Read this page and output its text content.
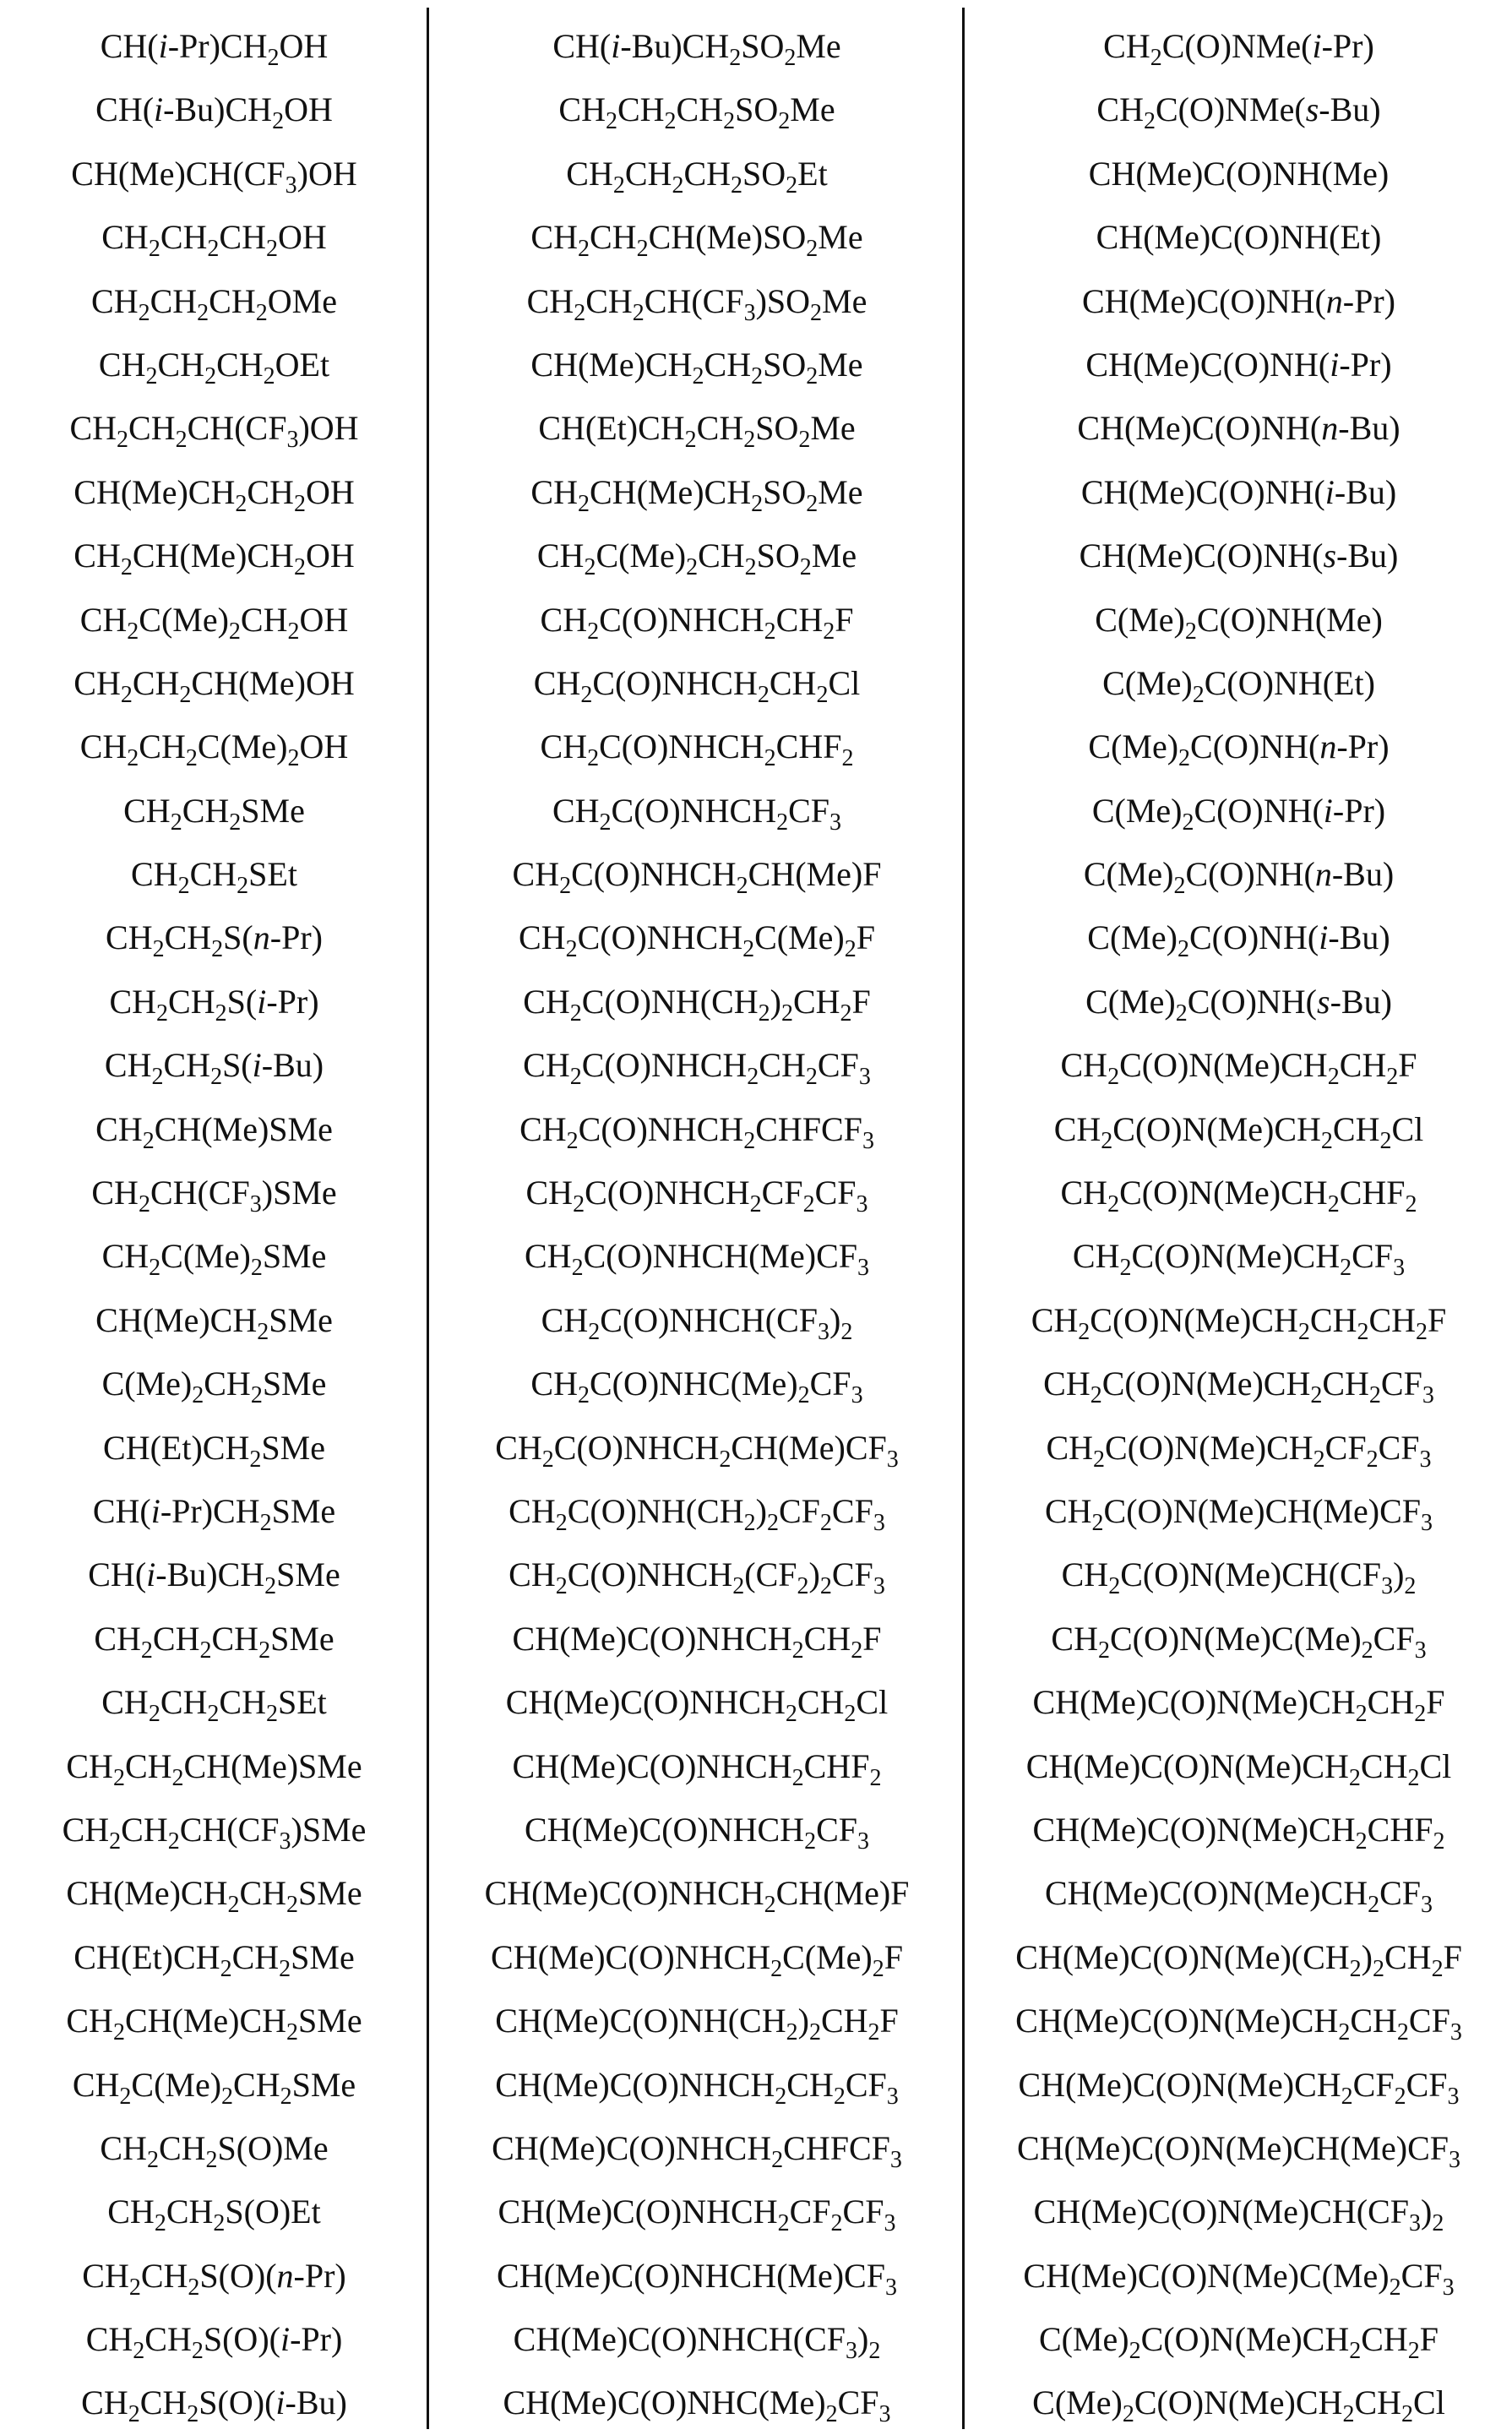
CH(i-Pr)CH2OH
CH(i-Bu)CH2OH
CH(Me)CH(CF3)OH
CH2CH2CH2OH
CH2CH2CH2OMe
CH2CH2CH2OEt
CH2CH2CH(CF3)OH
CH(Me)CH2CH2OH
CH2CH(Me)CH2OH
CH2C(Me)2CH2OH
CH2CH2CH(Me)OH
CH2CH2C(Me)2OH
CH2CH2SMe
CH2CH2SEt
CH2CH2S(n-Pr)
CH2CH2S(i-Pr)
CH2CH2S(i-Bu)
CH2CH(Me)SMe
CH2CH(CF3)SMe
CH2C(Me)2SMe
CH(Me)CH2SMe
C(Me)2CH2SMe
CH(Et)CH2SMe
CH(i-Pr)CH2SMe
CH(i-Bu)CH2SMe
CH2CH2CH2SMe
CH2CH2CH2SEt
CH2CH2CH(Me)SMe
CH2CH2CH(CF3)SMe
CH(Me)CH2CH2SMe
CH(Et)CH2CH2SMe
CH2CH(Me)CH2SMe
CH2C(Me)2CH2SMe
CH2CH2S(O)Me
CH2CH2S(O)Et
CH2CH2S(O)(n-Pr)
CH2CH2S(O)(i-Pr)
CH2CH2S(O)(i-Bu)
CH(i-Bu)CH2SO2Me
CH2CH2CH2SO2Me
CH2CH2CH2SO2Et
CH2CH2CH(Me)SO2Me
CH2CH2CH(CF3)SO2Me
CH(Me)CH2CH2SO2Me
CH(Et)CH2CH2SO2Me
CH2CH(Me)CH2SO2Me
CH2C(Me)2CH2SO2Me
CH2C(O)NHCH2CH2F
CH2C(O)NHCH2CH2Cl
CH2C(O)NHCH2CHF2
CH2C(O)NHCH2CF3
CH2C(O)NHCH2CH(Me)F
CH2C(O)NHCH2C(Me)2F
CH2C(O)NH(CH2)2CH2F
CH2C(O)NHCH2CH2CF3
CH2C(O)NHCH2CHFCF3
CH2C(O)NHCH2CF2CF3
CH2C(O)NHCH(Me)CF3
CH2C(O)NHCH(CF3)2
CH2C(O)NHC(Me)2CF3
CH2C(O)NHCH2CH(Me)CF3
CH2C(O)NH(CH2)2CF2CF3
CH2C(O)NHCH2(CF2)2CF3
CH(Me)C(O)NHCH2CH2F
CH(Me)C(O)NHCH2CH2Cl
CH(Me)C(O)NHCH2CHF2
CH(Me)C(O)NHCH2CF3
CH(Me)C(O)NHCH2CH(Me)F
CH(Me)C(O)NHCH2C(Me)2F
CH(Me)C(O)NH(CH2)2CH2F
CH(Me)C(O)NHCH2CH2CF3
CH(Me)C(O)NHCH2CHFCF3
CH(Me)C(O)NHCH2CF2CF3
CH(Me)C(O)NHCH(Me)CF3
CH(Me)C(O)NHCH(CF3)2
CH(Me)C(O)NHC(Me)2CF3
CH2C(O)NMe(i-Pr)
CH2C(O)NMe(s-Bu)
CH(Me)C(O)NH(Me)
CH(Me)C(O)NH(Et)
CH(Me)C(O)NH(n-Pr)
CH(Me)C(O)NH(i-Pr)
CH(Me)C(O)NH(n-Bu)
CH(Me)C(O)NH(i-Bu)
CH(Me)C(O)NH(s-Bu)
C(Me)2C(O)NH(Me)
C(Me)2C(O)NH(Et)
C(Me)2C(O)NH(n-Pr)
C(Me)2C(O)NH(i-Pr)
C(Me)2C(O)NH(n-Bu)
C(Me)2C(O)NH(i-Bu)
C(Me)2C(O)NH(s-Bu)
CH2C(O)N(Me)CH2CH2F
CH2C(O)N(Me)CH2CH2Cl
CH2C(O)N(Me)CH2CHF2
CH2C(O)N(Me)CH2CF3
CH2C(O)N(Me)CH2CH2CH2F
CH2C(O)N(Me)CH2CH2CF3
CH2C(O)N(Me)CH2CF2CF3
CH2C(O)N(Me)CH(Me)CF3
CH2C(O)N(Me)CH(CF3)2
CH2C(O)N(Me)C(Me)2CF3
CH(Me)C(O)N(Me)CH2CH2F
CH(Me)C(O)N(Me)CH2CH2Cl
CH(Me)C(O)N(Me)CH2CHF2
CH(Me)C(O)N(Me)CH2CF3
CH(Me)C(O)N(Me)(CH2)2CH2F
CH(Me)C(O)N(Me)CH2CH2CF3
CH(Me)C(O)N(Me)CH2CF2CF3
CH(Me)C(O)N(Me)CH(Me)CF3
CH(Me)C(O)N(Me)CH(CF3)2
CH(Me)C(O)N(Me)C(Me)2CF3
C(Me)2C(O)N(Me)CH2CH2F
C(Me)2C(O)N(Me)CH2CH2Cl
